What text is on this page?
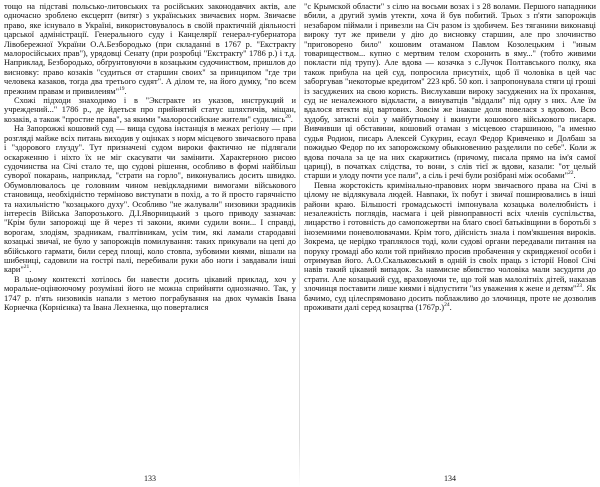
тощо на підставі польсько-литовських та російських законодавчих актів, але одночасно зроблено ексцерпт (витяг) з українських звичаєвих норм. Звичаєве право, яке існувало в Україні, використовувалось в своїй практичній діяльності царської адміністрації. Генерального суду і Канцелярії генерал-губернатора Лівобережної України О.А.Безбородько (при складанні в 1767 р. "Екстракту малоросійських прав"), урядовці Сенату (при розробці "Екстракту" 1786 р.) і т.д. Наприклад, Безбородько, обґрунтовуючи в козацьким судочинством, пришлов до висновку: право козаків "судиться от старшин своих" за принципом "где три человека казаков, тогда два третього судят". А ділом те, на його думку, "по всем прежним правам и привилеиям"$^{19}$.

Схожі підходи знаходимо і в "Экстракте из указов, инструкций и учреждений..." 1786 р., де йдеться про прийнятий статус шляхтичів, міщан, козаків, а також "простие права", за якими "малороссийские жители" судились$^{20}$.

На Запорожжі кошовий суд — вища судова інстанція в межах регіону — при розгляді майже всіх питань виходив у оцінках з норм місцевого звичаєвого права і "здорового глузду". Тут призначені судом вироки фактично не підлягали оскарженню і ніхто їх не міг скасувати чи замінити. Характерною рисою судочинства на Січі стало те, що судові рішення, особливо в формі найбільш суворої покарань, наприклад, "страти на горло", виконувались досить швидко. Обумовлювалось це головним чином невідкладними вимогами військового становища, необхідністю терміново виступати в похід, а то й просто гарячністю та нахильністю "козацького духу". Особливо "не жалували" низовики зрадників інтересів Війська Запорозького. Д.І.Яворницький з цього приводу зазначав: "Крім були запорожці ще й через ті закони, якими судили вони... І справді, ворогам, злодіям, зрадникам, гвалтівникам, усім тим, які ламали стародавні козацькі звичаї, не було у запорожців помилування: таких прикували на цепі до вбійського гармати, били серед площі, коло стовпа, зубовими киями, вішали на шибениці, садовили на гострі палі, перебивали руки або ноги і завдавали інші кари"$^{21}$.

В цьому контексті хотілось би навести досить цікавий приклад, хоч у моральне-оцінюючому розумінні його не можна сприйняти однозначно. Так, у 1747 р. п'ять низовиків напали з метою пограбування на двох чумаків Івана Корнечка (Корнієнка) та Івана Лехненка, що поверталися

133

"с Крымской области" з сілю на восьми возах і з 28 волами. Першого нападники вбили, а другий зумів утекти, хоча й був побитий. Трьох з п'яти запорожців незабаром піймали і привезли на Січ разом із здобичем. Без тяганини виконавці вироку тут же привели у дію до висновку старшин, але про злочинство "приговорено било" кошовим отаманом Павлом Козолецьким і "иным товариществом... купно с мертвим телом схоронить в яму..." (тобто живими покласти під трупу). Але вдова — козачка з с.Лучок Полтавського полку, яка також прибула на цей суд, попросила присутніх, щоб її чоловіка в цей час заборгував "некоторые кредитом" 223 крб. 50 коп. і запропонувала стяги ці гроші із засуджених на свою користь. Вислухавши вироку засуджених на їх прохання, суд не неналежного відкласти, а винуватців "віддали" під одну з них. Але їм вдалося втекти від вартових. Зовсім же інакше доля повелася з вдовою. Всю худобу, затисні соіл у майбутньому і вкинути кошового військового писаря. Вивчивши ці обставини, кошовий отаман з місцевою старшиною, "а именно судья Родион, писарь Алексей Сукурин, есаул Федор Кривченко и Долбаш за пожидью Федор по их запорожскому обыкновению разделили по себе". Коли ж вдова почала за це на них скаржитись (причому, писала прямо на ім'я самої цариці), в початках слідства, то вони, з слів тієї ж вдови, казали: "от целый старши и улоду почти усе пали", а сіль і речі були розібрані між особами"$^{22}$.

Певна жорстокість кримінально-правових норм звичаєвого права на Січі в цілому не відлякувала людей. Навпаки, їх побут і звичаї поширювались в інші райони краю. Більшості громадськості імпонувала козацька волелюбність і незалежність поглядів, насмага і цей рівноправності всіх членів суспільства, лицарство і готовність до самопожертви на благо своєї батьківщини в боротьбі з іноземними поневолювачами. Крім того, дійсність знала і пом'якшення вироків. Зокрема, це нерідко траплялося тоді, коли судові органи передавали питання на поруку громаді або коли той прийняло просив пробачення у скривдженої особи і отримував його. А.О.Скальковський в одній із своїх праць з історії Нової Січі навів такий цікавий випадок. За навмисне вбивство чоловіка мали засудити до страти. Але козацький суд, враховуючи те, що той мав малолітніх дітей, наказав злочинця поставити лише киями і відпустити "из уважения к жене и детям"$^{23}$. Як бачимо, суд цілеспрямовано досить поблажливо до злочинця, проте не дозволив проживати далі серед козацтва $(1767р.)^{24}$.

134
